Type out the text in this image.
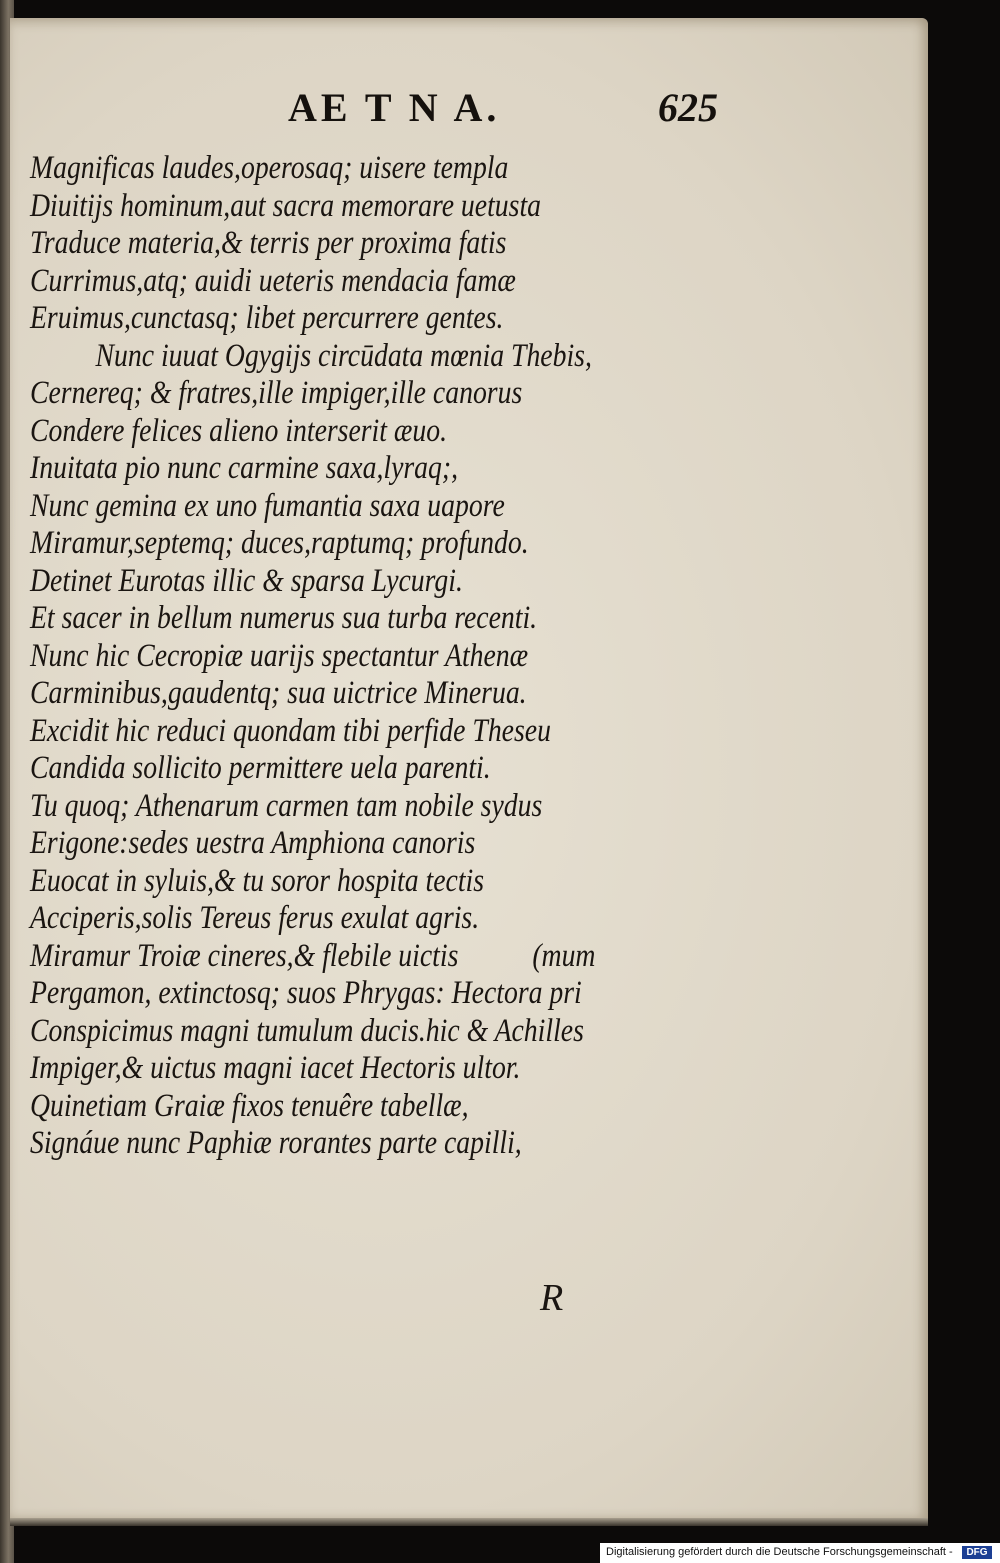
AE T N A.	625
Magnificas laudes,operosaq; uisere templa
Diuitijs hominum,aut sacra memorare uetusta
Traduce materia,& terris per proxima fatis
Currimus,atq; auidi ueteris mendacia famæ
Eruimus,cunctasq; libet percurrere gentes.
Nunc iuuat Ogygijs circūdata mœnia Thebis,
Cernereq; & fratres,ille impiger,ille canorus
Condere felices alieno interserit æuo.
Inuitata pio nunc carmine saxa,lyraq;,
Nunc gemina ex uno fumantia saxa uapore
Miramur,septemq; duces,raptumq; profundo.
Detinet Eurotas illic & sparsa Lycurgi.
Et sacer in bellum numerus sua turba recenti.
Nunc hic Cecropiæ uarijs spectantur Athenæ
Carminibus,gaudentq; sua uictrice Minerua.
Excidit hic reduci quondam tibi perfide Theseu
Candida sollicito permittere uela parenti.
Tu quoq; Athenarum carmen tam nobile sydus
Erigone:sedes uestra Amphiona canoris
Euocat in syluis,& tu soror hospita tectis
Acciperis,solis Tereus ferus exulat agris.
Miramur Troiæ cineres,& flebile uictis (mum
Pergamon, extinctosq; suos Phrygas: Hectora pri
Conspicimus magni tumulum ducis.hic & Achilles
Impiger,& uictus magni iacet Hectoris ultor.
Quinetiam Graiæ fixos tenuêre tabellæ,
Signáue nunc Paphiæ rorantes parte capilli,
R
Digitalisierung gefördert durch die Deutsche Forschungsgemeinschaft -	DFG
